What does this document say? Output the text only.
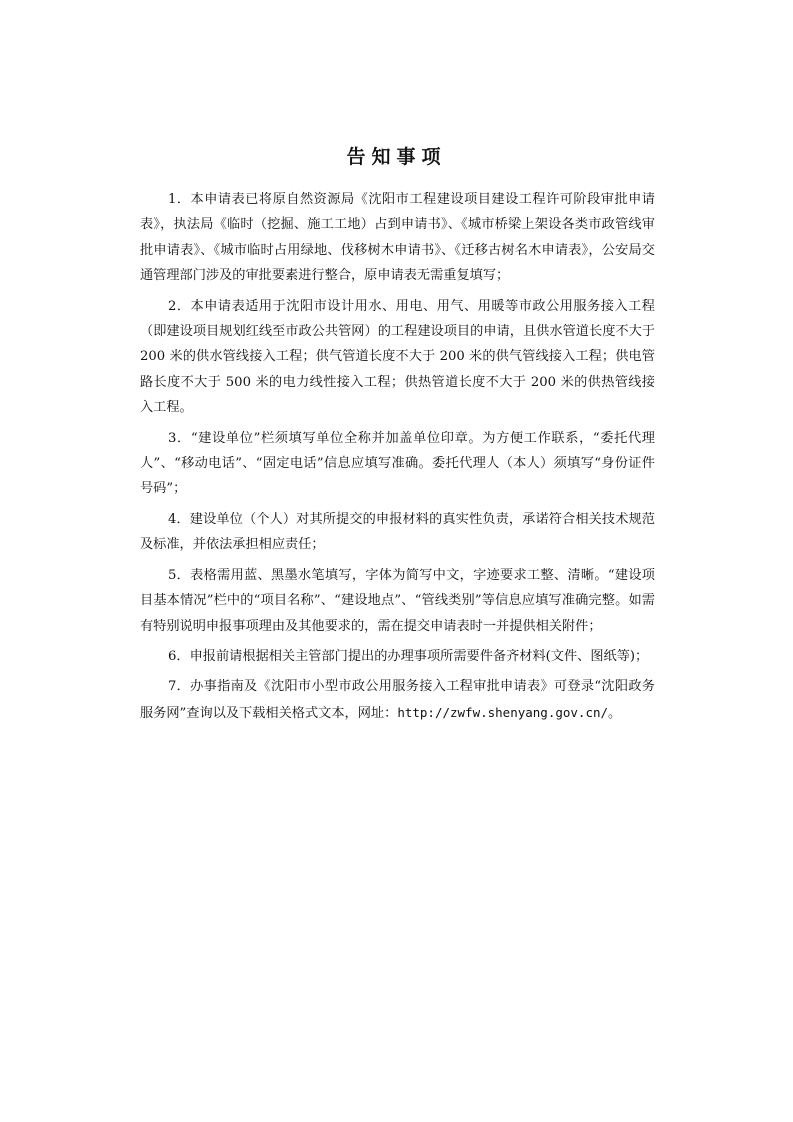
告知事项

1．本申请表已将原自然资源局《沈阳市工程建设项目建设工程许可阶段审批申请表》，执法局《临时（挖掘、施工工地）占到申请书》、《城市桥梁上架设各类市政管线审批申请表》、《城市临时占用绿地、伐移树木申请书》、《迁移古树名木申请表》，公安局交通管理部门涉及的审批要素进行整合，原申请表无需重复填写；

2．本申请表适用于沈阳市设计用水、用电、用气、用暖等市政公用服务接入工程（即建设项目规划红线至市政公共管网）的工程建设项目的申请，且供水管道长度不大于 200 米的供水管线接入工程；供气管道长度不大于 200 米的供气管线接入工程；供电管路长度不大于 500 米的电力线性接入工程；供热管道长度不大于 200 米的供热管线接入工程。

3．“建设单位”栏须填写单位全称并加盖单位印章。为方便工作联系，“委托代理人”、“移动电话”、“固定电话”信息应填写准确。委托代理人（本人）须填写“身份证件号码”；

4．建设单位（个人）对其所提交的申报材料的真实性负责，承诺符合相关技术规范及标准，并依法承担相应责任；

5．表格需用蓝、黑墨水笔填写，字体为简写中文，字迹要求工整、清晰。“建设项目基本情况”栏中的“项目名称”、“建设地点”、“管线类别”等信息应填写准确完整。如需有特别说明申报事项理由及其他要求的，需在提交申请表时一并提供相关附件；

6．申报前请根据相关主管部门提出的办理事项所需要件备齐材料(文件、图纸等)；

7．办事指南及《沈阳市小型市政公用服务接入工程审批申请表》可登录“沈阳政务服务网”查询以及下载相关格式文本，网址：http://zwfw.shenyang.gov.cn/。
